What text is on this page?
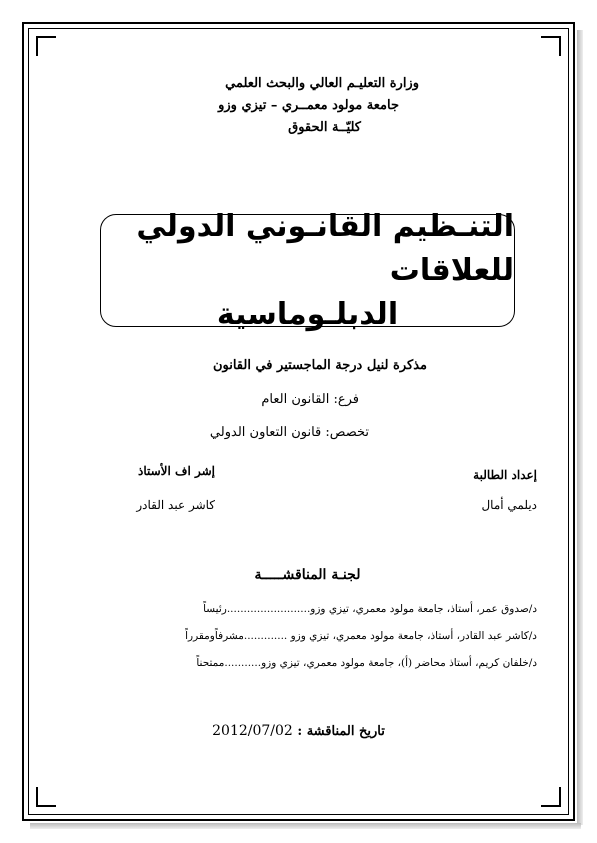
وزارة التعليـم العالي والبحث العلمي
جامعة مولود معمــري – تيزي وزو
كليّــة الحقوق
التنـظيم القانـوني الدولي للعلاقات
الدبلـوماسية
مذكرة لنيل درجة الماجستير في القانون
فرع: القانون العام
تخصص: قانون التعاون الدولي
إعداد الطالبة
ديلمي أمال
إشر اف الأستاذ
كاشر عبد القادر
لجنـة المناقشـــــة
د/صدوق عمر، أستاذ، جامعة مولود معمري، تيزي وزو.........................رئيساً
د/كاشر عبد القادر، أستاذ، جامعة مولود معمري، تيزي وزو .............مشرفاًومقرراً
د/خلفان كريم، أستاذ محاضر (أ)، جامعة مولود معمري، تيزي وزو...........ممتحناً
تاريخ المناقشة : 2012/07/02
